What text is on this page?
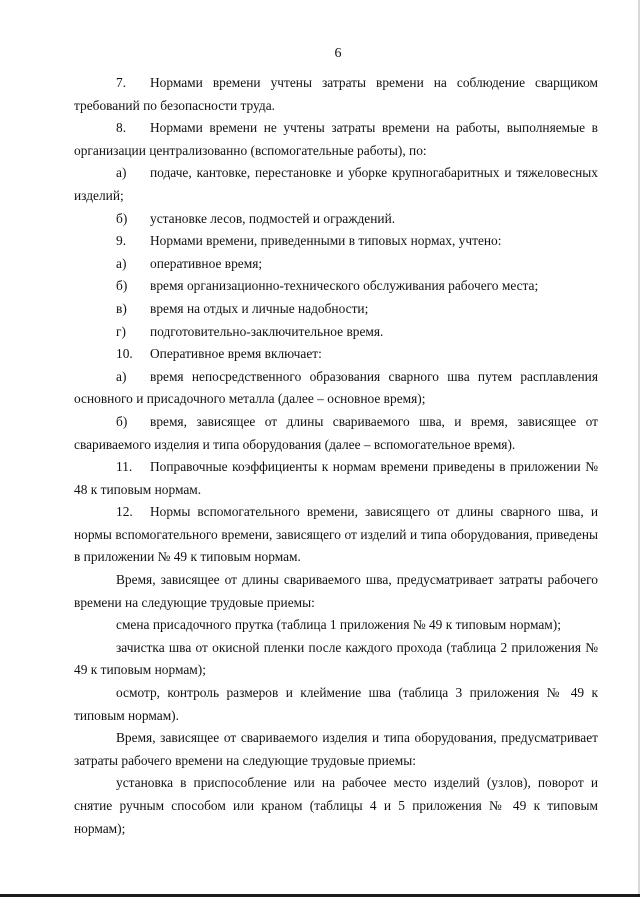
6

7. Нормами времени учтены затраты времени на соблюдение сварщиком требований по безопасности труда.

8. Нормами времени не учтены затраты времени на работы, выполняемые в организации централизованно (вспомогательные работы), по:

а) подаче, кантовке, перестановке и уборке крупногабаритных и тяжеловесных изделий;

б) установке лесов, подмостей и ограждений.

9. Нормами времени, приведенными в типовых нормах, учтено:

а) оперативное время;

б) время организационно-технического обслуживания рабочего места;

в) время на отдых и личные надобности;

г) подготовительно-заключительное время.

10. Оперативное время включает:

а) время непосредственного образования сварного шва путем расплавления основного и присадочного металла (далее – основное время);

б) время, зависящее от длины свариваемого шва, и время, зависящее от свариваемого изделия и типа оборудования (далее – вспомогательное время).

11. Поправочные коэффициенты к нормам времени приведены в приложении № 48 к типовым нормам.

12. Нормы вспомогательного времени, зависящего от длины сварного шва, и нормы вспомогательного времени, зависящего от изделий и типа оборудования, приведены в приложении № 49 к типовым нормам.

Время, зависящее от длины свариваемого шва, предусматривает затраты рабочего времени на следующие трудовые приемы:

смена присадочного прутка (таблица 1 приложения № 49 к типовым нормам);

зачистка шва от окисной пленки после каждого прохода (таблица 2 приложения № 49 к типовым нормам);

осмотр, контроль размеров и клеймение шва (таблица 3 приложения № 49 к типовым нормам).

Время, зависящее от свариваемого изделия и типа оборудования, предусматривает затраты рабочего времени на следующие трудовые приемы:

установка в приспособление или на рабочее место изделий (узлов), поворот и снятие ручным способом или краном (таблицы 4 и 5 приложения № 49 к типовым нормам);
